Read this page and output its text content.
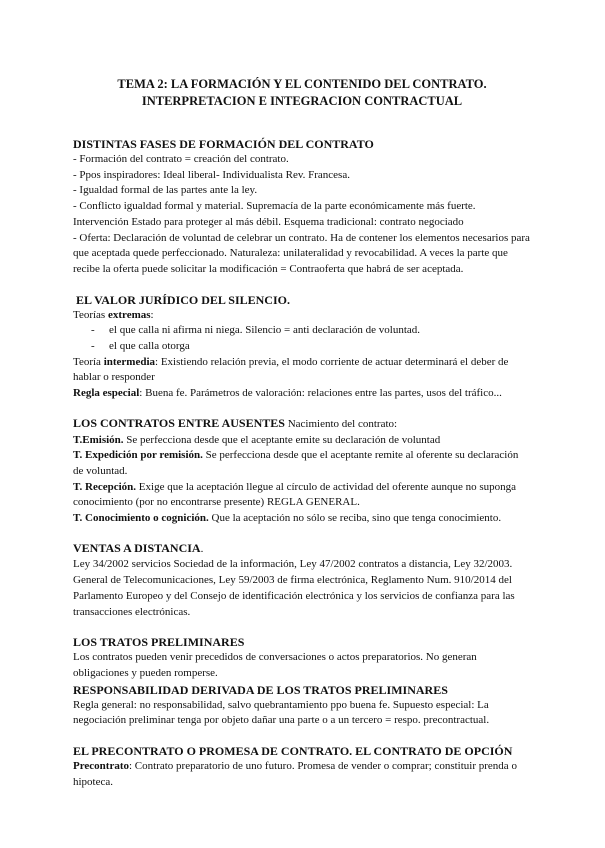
TEMA 2: LA FORMACIÓN Y EL CONTENIDO DEL CONTRATO.

INTERPRETACION E INTEGRACION CONTRACTUAL

DISTINTAS FASES DE FORMACIÓN DEL CONTRATO

- Formación del contrato = creación del contrato.

- Ppos inspiradores: Ideal liberal- Individualista Rev. Francesa.

- Igualdad formal de las partes ante la ley.

- Conflicto igualdad formal y material. Supremacía de la parte económicamente más fuerte.

Intervención Estado para proteger al más débil. Esquema tradicional: contrato negociado

- Oferta: Declaración de voluntad de celebrar un contrato. Ha de contener los elementos necesarios para que aceptada quede perfeccionado. Naturaleza: unilateralidad y revocabilidad. A veces la parte que recibe la oferta puede solicitar la modificación = Contraoferta que habrá de ser aceptada.

EL VALOR JURÍDICO DEL SILENCIO.

Teorías extremas:

-	el que calla ni afirma ni niega. Silencio = anti declaración de voluntad.

-	el que calla otorga

Teoría intermedia: Existiendo relación previa, el modo corriente de actuar determinará el deber de hablar o responder

Regla especial: Buena fe. Parámetros de valoración: relaciones entre las partes, usos del tráfico...

LOS CONTRATOS ENTRE AUSENTES Nacimiento del contrato:

T.Emisión. Se perfecciona desde que el aceptante emite su declaración de voluntad

T. Expedición por remisión. Se perfecciona desde que el aceptante remite al oferente su declaración de voluntad.

T. Recepción. Exige que la aceptación llegue al círculo de actividad del oferente aunque no suponga conocimiento (por no encontrarse presente) REGLA GENERAL.

T. Conocimiento o cognición. Que la aceptación no sólo se reciba, sino que tenga conocimiento.

VENTAS A DISTANCIA.

Ley 34/2002 servicios Sociedad de la información, Ley 47/2002 contratos a distancia, Ley 32/2003. General de Telecomunicaciones, Ley 59/2003 de firma electrónica, Reglamento Num. 910/2014 del Parlamento Europeo y del Consejo de identificación electrónica y los servicios de confianza para las transacciones electrónicas.

LOS TRATOS PRELIMINARES

Los contratos pueden venir precedidos de conversaciones o actos preparatorios. No generan obligaciones y pueden romperse.

RESPONSABILIDAD DERIVADA DE LOS TRATOS PRELIMINARES

Regla general: no responsabilidad, salvo quebrantamiento ppo buena fe. Supuesto especial: La negociación preliminar tenga por objeto dañar una parte o a un tercero = respo. precontractual.

EL PRECONTRATO O PROMESA DE CONTRATO. EL CONTRATO DE OPCIÓN

Precontrato: Contrato preparatorio de uno futuro. Promesa de vender o comprar; constituir prenda o hipoteca.
